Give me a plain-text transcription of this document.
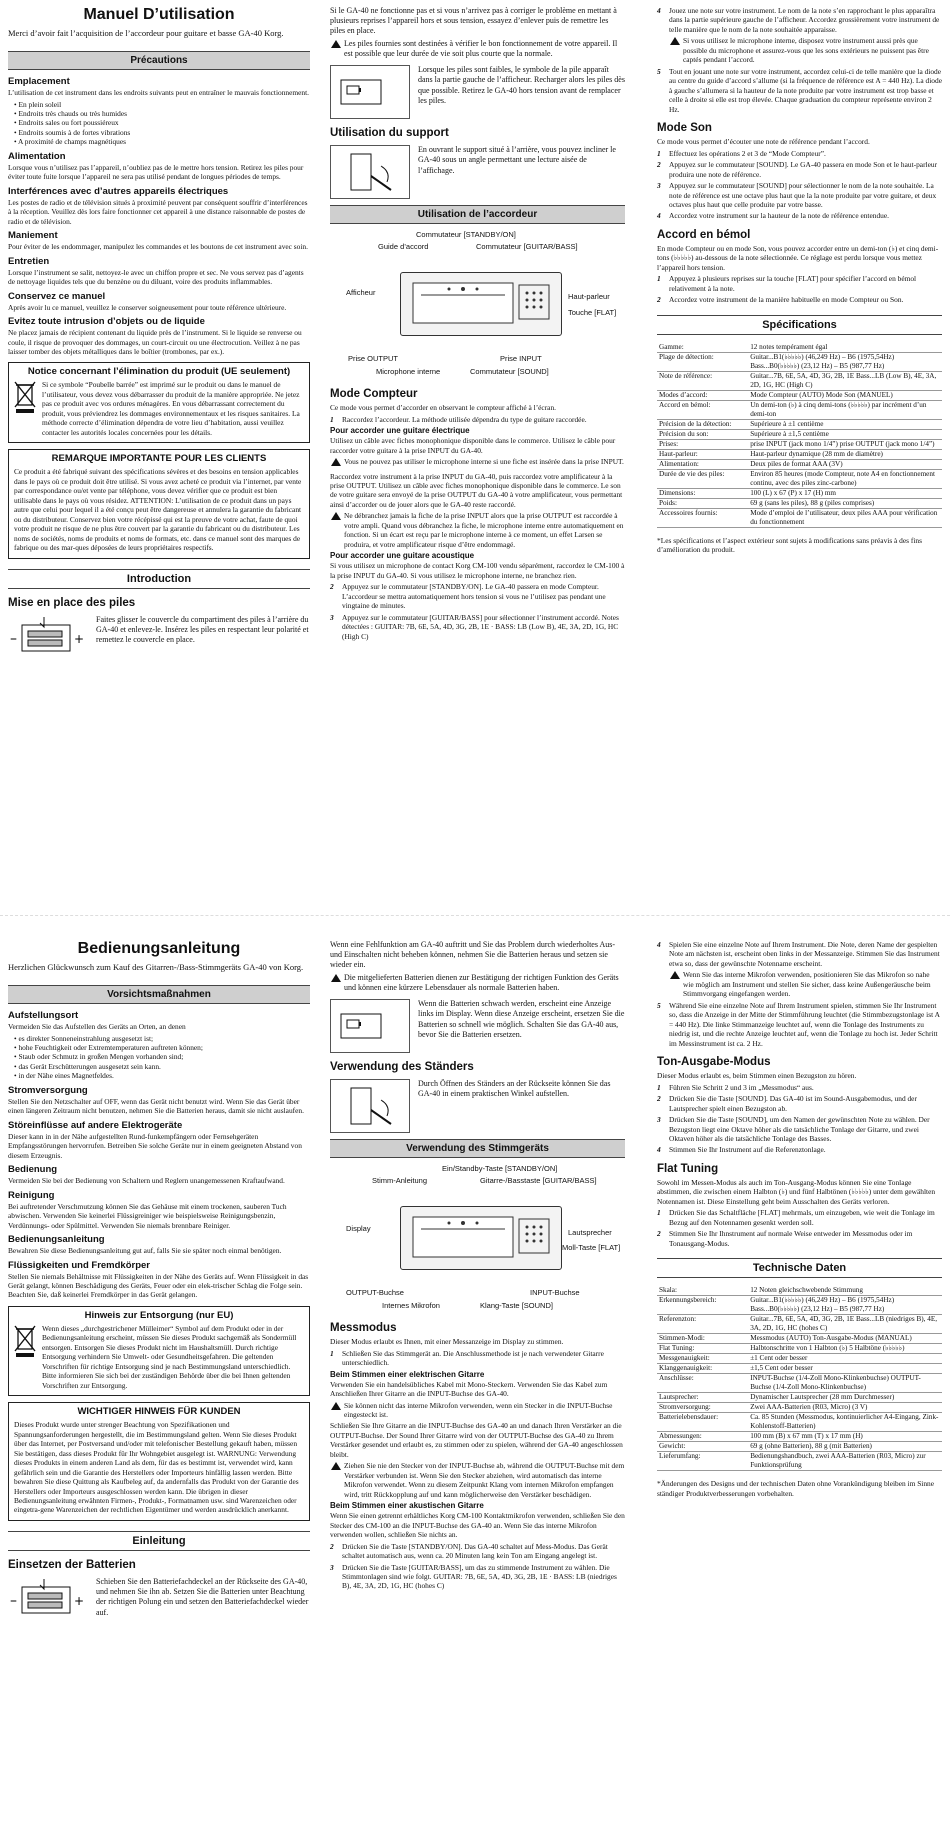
Manuel D’utilisation

Merci d’avoir fait l’acquisition de l’accordeur pour guitare et basse GA-40 Korg.

Précautions
Emplacement

L’utilisation de cet instrument dans les endroits suivants peut en entraîner le mauvais fonctionnement.

• En plein soleil
• Endroits très chauds ou très humides
• Endroits sales ou fort poussiéreux
• Endroits soumis à de fortes vibrations
• A proximité de champs magnétiques
Alimentation

Lorsque vous n’utilisez pas l’appareil, n’oubliez pas de le mettre hors tension. Retirez les piles pour éviter toute fuite lorsque l’appareil ne sera pas utilisé pendant de longues périodes de temps.

Interférences avec d’autres appareils électriques

Les postes de radio et de télévision situés à proximité peuvent par conséquent souffrir d’interférences à la réception. Veuillez dès lors faire fonctionner cet appareil à une distance raisonnable de postes de radio et de télévision.

Maniement

Pour éviter de les endommager, manipulez les commandes et les boutons de cet instrument avec soin.

Entretien

Lorsque l’instrument se salit, nettoyez-le avec un chiffon propre et sec. Ne vous servez pas d’agents de nettoyage liquides tels que du benzène ou du diluant, voire des produits inflammables.

Conservez ce manuel

Après avoir lu ce manuel, veuillez le conserver soigneusement pour toute référence ultérieure.

Evitez toute intrusion d’objets ou de liquide

Ne placez jamais de récipient contenant du liquide près de l’instrument. Si le liquide se renverse ou coule, il risque de provoquer des dommages, un court-circuit ou une électrocution. Veillez à ne pas laisser tomber des objets métalliques dans le boîtier (trombones, par ex.).

Notice concernant l’élimination du produit (UE seulement)

Si ce symbole “Poubelle barrée” est imprimé sur le produit ou dans le manuel de l’utilisateur, vous devez vous débarrasser du produit de la manière appropriée. Ne jetez pas ce produit avec vos ordures ménagères. En vous débarrassant correctement du produit, vous préviendrez les dommages environnementaux et les risques sanitaires. La méthode correcte d’élimination dépendra de votre lieu d’habitation, aussi veuillez contacter les autorités locales concernées pour les détails.

REMARQUE IMPORTANTE POUR LES CLIENTS

Ce produit a été fabriqué suivant des spécifications sévères et des besoins en tension applicables dans le pays où ce produit doit être utilisé. Si vous avez acheté ce produit via l’internet, par vente par correspondance ou/et vente par téléphone, vous devez vérifier que ce produit est bien utilisable dans le pays où vous résidez. ATTENTION: L’utilisation de ce produit dans un pays autre que celui pour lequel il a été conçu peut être dangereuse et annulera la garantie du fabricant ou du distributeur. Conservez bien votre récépissé qui est la preuve de votre achat, faute de quoi votre produit ne risque de ne plus être couvert par la garantie du fabricant ou du distributeur. Les noms de sociétés, noms de produits et noms de formats, etc. dans ce manuel sont des marques de fabrique ou des mar-ques déposées de leurs propriétaires respectifs.

Introduction
Mise en place des piles
–	+

Faites glisser le couvercle du compartiment des piles à l’arrière du GA-40 et enlevez-le. Insérez les piles en respectant leur polarité et remettez le couvercle en place.

Si le GA-40 ne fonctionne pas et si vous n’arrivez pas à corriger le problème en mettant à plusieurs reprises l’appareil hors et sous tension, essayez d’enlever puis de remettre les piles en place.

Les piles fournies sont destinées à vérifier le bon fonctionnement de votre appareil. Il est possible que leur durée de vie soit plus courte que la normale.

Lorsque les piles sont faibles, le symbole de la pile apparaît dans la partie gauche de l’afficheur. Recharger alors les piles dès que possible. Retirez le GA-40 hors tension avant de remplacer les piles.

Utilisation du support

En ouvrant le support situé à l’arrière, vous pouvez incliner le GA-40 sous un angle permettant une lecture aisée de l’affichage.

Utilisation de l’accordeur
Commutateur [STANDBY/ON]
Guide d’accord	Commutateur [GUITAR/BASS]
Afficheur	Haut-parleur
Touche [FLAT]
Prise OUTPUT	Prise INPUT
Microphone interne	Commutateur [SOUND]
Mode Compteur

Ce mode vous permet d’accorder en observant le compteur affiché à l’écran.

1	Raccordez l’accordeur. La méthode utilisée dépendra du type de guitare raccordée.
Pour accorder une guitare électrique

Utilisez un câble avec fiches monophonique disponible dans le commerce. Utilisez le câble pour raccorder votre guitare à la prise INPUT du GA-40.

Vous ne pouvez pas utiliser le microphone interne si une fiche est insérée dans la prise INPUT.

Raccordez votre instrument à la prise INPUT du GA-40, puis raccordez votre amplificateur à la prise OUTPUT. Utilisez un câble avec fiches monophonique disponible dans le commerce. Le son de votre guitare sera envoyé de la prise OUTPUT du GA-40 à votre amplificateur, vous permettant ainsi d’accorder ou de jouer alors que le GA-40 reste raccordé.

Ne débranchez jamais la fiche de la prise INPUT alors que la prise OUTPUT est raccordée à votre ampli. Quand vous débranchez la fiche, le microphone interne entre automatiquement en fonction. Si un écart est reçu par le microphone interne à ce moment, un effet Larsen se produira, et votre amplificateur risque d’être endommagé.
Pour accorder une guitare acoustique

Si vous utilisez un microphone de contact Korg CM-100 vendu séparément, raccordez le CM-100 à la prise INPUT du GA-40. Si vous utilisez le microphone interne, ne branchez rien.

2	Appuyez sur le commutateur [STANDBY/ON]. Le GA-40 passera en mode Compteur. L’accordeur se mettra automatiquement hors tension si vous ne l’utilisez pas pendant une vingtaine de minutes.
3	Appuyez sur le commutateur [GUITAR/BASS] pour sélectionner l’instrument accordé. Notes détectées : GUITAR: 7B, 6E, 5A, 4D, 3G, 2B, 1E · BASS: LB (Low B), 4E, 3A, 2D, 1G, HC (High C)
4	Jouez une note sur votre instrument. Le nom de la note s’en rapprochant le plus apparaîtra dans la partie supérieure gauche de l’afficheur. Accordez grossièrement votre instrument de telle manière que le nom de la note souhaitée apparaisse.
Si vous utilisez le microphone interne, disposez votre instrument aussi près que possible du microphone et assurez-vous que les sons extérieurs ne puissent pas être captés pendant l’accord.
5	Tout en jouant une note sur votre instrument, accordez celui-ci de telle manière que la diode au centre du guide d’accord s’allume (si la fréquence de référence est A = 440 Hz). La diode à gauche s’allumera si la hauteur de la note produite par votre instrument est trop basse et celle à droite si elle est trop élevée. Chaque graduation du compteur représente environ 2 Hz.
Mode Son

Ce mode vous permet d’écouter une note de référence pendant l’accord.

1	Effectuez les opérations 2 et 3 de “Mode Compteur”.
2	Appuyez sur le commutateur [SOUND]. Le GA-40 passera en mode Son et le haut-parleur produira une note de référence.
3	Appuyez sur le commutateur [SOUND] pour sélectionner le nom de la note souhaitée. La note de référence est une octave plus haut que la la note produite par votre guitare, et deux octaves plus haut que celle produite par votre basse.
4	Accordez votre instrument sur la hauteur de la note de référence entendue.
Accord en bémol

En mode Compteur ou en mode Son, vous pouvez accorder entre un demi-ton (♭) et cinq demi-tons (♭♭♭♭♭) au-dessous de la note sélectionnée. Ce réglage est perdu lorsque vous mettez l’appareil hors tension.

1	Appuyez à plusieurs reprises sur la touche [FLAT] pour spécifier l’accord en bémol relativement à la note.
2	Accordez votre instrument de la manière habituelle en mode Compteur ou Son.
Spécifications
Gamme:	12 notes tempérament égal
Plage de détection:	Guitar...B1(♭♭♭♭♭) (46,249 Hz) – B6 (1975,54Hz) Bass...B0(♭♭♭♭♭) (23,12 Hz) – B5 (987,77 Hz)
Note de référence:	Guitar...7B, 6E, 5A, 4D, 3G, 2B, 1E Bass...LB (Low B), 4E, 3A, 2D, 1G, HC (High C)
Modes d’accord:	Mode Compteur (AUTO) Mode Son (MANUEL)
Accord en bémol:	Un demi-ton (♭) à cinq demi-tons (♭♭♭♭♭) par incrément d’un demi-ton
Précision de la détection:	Supérieure à ±1 centième
Précision du son:	Supérieure à ±1,5 centième
Prises:	prise INPUT (jack mono 1/4”) prise OUTPUT (jack mono 1/4”)
Haut-parleur:	Haut-parleur dynamique (28 mm de diamètre)
Alimentation:	Deux piles de format AAA (3V)
Durée de vie des piles:	Environ 85 heures (mode Compteur, note A4 en fonctionnement continu, avec des piles zinc-carbone)
Dimensions:	100 (L) x 67 (P) x 17 (H) mm
Poids:	69 g (sans les piles), 88 g (piles comprises)
Accessoires fournis:	Mode d’emploi de l’utilisateur, deux piles AAA pour vérification du fonctionnement

*Les spécifications et l’aspect extérieur sont sujets à modifications sans préavis à des fins d’amélioration du produit.

Bedienungsanleitung

Herzlichen Glückwunsch zum Kauf des Gitarren-/Bass-Stimmgeräts GA-40 von Korg.

Vorsichtsmaßnahmen
Aufstellungsort

Vermeiden Sie das Aufstellen des Geräts an Orten, an denen

• es direkter Sonneneinstrahlung ausgesetzt ist;
• hohe Feuchtigkeit oder Extremtemperaturen auftreten können;
• Staub oder Schmutz in großen Mengen vorhanden sind;
• das Gerät Erschütterungen ausgesetzt sein kann.
• in der Nähe eines Magnetfeldes.
Stromversorgung

Stellen Sie den Netzschalter auf OFF, wenn das Gerät nicht benutzt wird. Wenn Sie das Gerät über einen längeren Zeitraum nicht benutzen, nehmen Sie die Batterien heraus, damit sie nicht auslaufen.

Störeinflüsse auf andere Elektrogeräte

Dieser kann in in der Nähe aufgestellten Rund-funkempfängern oder Fernsehgeräten Empfangsstörungen hervorrufen. Betreiben Sie solche Geräte nur in einem geeigneten Abstand von diesem Erzeugnis.

Bedienung

Vermeiden Sie bei der Bedienung von Schaltern und Reglern unangemessenen Kraftaufwand.

Reinigung

Bei auftretender Verschmutzung können Sie das Gehäuse mit einem trockenen, sauberen Tuch abwischen. Verwenden Sie keinerlei Flüssigreiniger wie beispielsweise Reinigungsbenzin, Verdünnungs- oder Spülmittel. Verwenden Sie niemals brennbare Reiniger.

Bedienungsanleitung

Bewahren Sie diese Bedienungsanleitung gut auf, falls Sie sie später noch einmal benötigen.

Flüssigkeiten und Fremdkörper

Stellen Sie niemals Behältnisse mit Flüssigkeiten in der Nähe des Geräts auf. Wenn Flüssigkeit in das Gerät gelangt, können Beschädigung des Geräts, Feuer oder ein elek-trischer Schlag die Folge sein. Beachten Sie, daß keinerlei Fremdkörper in das Gerät gelangen.

Hinweis zur Entsorgung (nur EU)

Wenn dieses „durchgestrichener Mülleimer“ Symbol auf dem Produkt oder in der Bedienungsanleitung erscheint, müssen Sie dieses Produkt sachgemäß als Sondermüll entsorgen. Entsorgen Sie dieses Produkt nicht im Haushaltsmüll. Durch richtige Entsorgung verhindern Sie Umwelt- oder Gesundheitsgefahren. Die geltenden Vorschriften für richtige Entsorgung sind je nach Bestimmungsland unterschiedlich. Bitte informieren Sie sich bei der zuständigen Behörde über die bei Ihnen geltenden Vorschriften zur Entsorgung.

WICHTIGER HINWEIS FÜR KUNDEN

Dieses Produkt wurde unter strenger Beachtung von Spezifikationen und Spannungsanforderungen hergestellt, die im Bestimmungsland gelten. Wenn Sie dieses Produkt über das Internet, per Postversand und/oder mit telefonischer Bestellung gekauft haben, müssen Sie bestätigen, dass dieses Produkt für Ihr Wohngebiet ausgelegt ist. WARNUNG: Verwendung dieses Produkts in einem anderen Land als dem, für das es bestimmt ist, verwendet wird, kann gefährlich sein und die Garantie des Herstellers oder Importeurs hinfällig lassen werden. Bitte bewahren Sie diese Quittung als Kaufbeleg auf, da andernfalls das Produkt von der Garantie des Herstellers oder Importeurs ausgeschlossen werden kann. Die übrigen in dieser Bedienungsanleitung erwähnten Firmen-, Produkt-, Formatnamen usw. sind Warenzeichen oder eingetra-gene Warenzeichen der rechtlichen Eigentümer und werden ausdrücklich anerkannt.

Einleitung
Einsetzen der Batterien
–	+

Schieben Sie den Batteriefachdeckel an der Rückseite des GA-40, und nehmen Sie ihn ab. Setzen Sie die Batterien unter Beachtung der richtigen Polung ein und setzen den Batteriefachdeckel wieder auf.

Wenn eine Fehlfunktion am GA-40 auftritt und Sie das Problem durch wiederholtes Aus- und Einschalten nicht beheben können, nehmen Sie die Batterien heraus und setzen sie wieder ein.

Die mitgelieferten Batterien dienen zur Bestätigung der richtigen Funktion des Geräts und können eine kürzere Lebensdauer als normale Batterien haben.

Wenn die Batterien schwach werden, erscheint eine Anzeige links im Display. Wenn diese Anzeige erscheint, ersetzen Sie die Batterien so schnell wie möglich. Schalten Sie das GA-40 aus, bevor Sie die Batterien ersetzen.

Verwendung des Ständers

Durch Öffnen des Ständers an der Rückseite können Sie das GA-40 in einem praktischen Winkel aufstellen.

Verwendung des Stimmgeräts
Ein/Standby-Taste [STANDBY/ON]
Stimm-Anleitung	Gitarre-/Basstaste [GUITAR/BASS]
Display	Lautsprecher
Moll-Taste [FLAT]
OUTPUT-Buchse	INPUT-Buchse
Internes Mikrofon	Klang-Taste [SOUND]
Messmodus

Dieser Modus erlaubt es Ihnen, mit einer Messanzeige im Display zu stimmen.

1	Schließen Sie das Stimmgerät an. Die Anschlussmethode ist je nach verwendeter Gitarre unterschiedlich.
Beim Stimmen einer elektrischen Gitarre

Verwenden Sie ein handelsübliches Kabel mit Mono-Steckern. Verwenden Sie das Kabel zum Anschließen Ihrer Gitarre an die INPUT-Buchse des GA-40.

Sie können nicht das interne Mikrofon verwenden, wenn ein Stecker in die INPUT-Buchse eingesteckt ist.

Schließen Sie Ihre Gitarre an die INPUT-Buchse des GA-40 an und danach Ihren Verstärker an die OUTPUT-Buchse. Der Sound Ihrer Gitarre wird von der OUTPUT-Buchse des GA-40 zu Ihrem Verstärker gesendet und erlaubt es, zu stimmen oder zu spielen, während der GA-40 angeschlossen bleibt.

Ziehen Sie nie den Stecker von der INPUT-Buchse ab, während die OUTPUT-Buchse mit dem Verstärker verbunden ist. Wenn Sie den Stecker abziehen, wird automatisch das interne Mikrofon verwendet. Wenn zu diesem Zeitpunkt Klang vom internen Mikrofon empfangen wird, tritt Rückkopplung auf und kann möglicherweise den Verstärker beschädigen.
Beim Stimmen einer akustischen Gitarre

Wenn Sie einen getrennt erhältliches Korg CM-100 Kontaktmikrofon verwenden, schließen Sie den Stecker des CM-100 an die INPUT-Buchse des GA-40 an. Wenn Sie das interne Mikrofon verwenden wollen, schließen Sie nichts an.

2	Drücken Sie die Taste [STANDBY/ON]. Das GA-40 schaltet auf Mess-Modus. Das Gerät schaltet automatisch aus, wenn ca. 20 Minuten lang kein Ton am Eingang angelegt ist.
3	Drücken Sie die Taste [GUITAR/BASS], um das zu stimmende Instrument zu wählen. Die Stimmtonlagen sind wie folgt. GUITAR: 7B, 6E, 5A, 4D, 3G, 2B, 1E · BASS: LB (niedriges B), 4E, 3A, 2D, 1G, HC (hohes C)
4	Spielen Sie eine einzelne Note auf Ihrem Instrument. Die Note, deren Name der gespielten Note am nächsten ist, erscheint oben links in der Messanzeige. Stimmen Sie das Instrument etwa so, dass der gewünschte Notenname erscheint.
Wenn Sie das interne Mikrofon verwenden, positionieren Sie das Mikrofon so nahe wie möglich am Instrument und stellen Sie sicher, dass keine Außengeräusche beim Stimmvorgang eingefangen werden.
5	Während Sie eine einzelne Note auf Ihrem Instrument spielen, stimmen Sie Ihr Instrument so, dass die Anzeige in der Mitte der Stimmführung leuchtet (die Stimmbezugstonlage ist A = 440 Hz). Die linke Stimmanzeige leuchtet auf, wenn die Tonlage des Instruments zu niedrig ist, und die rechte Anzeige leuchtet auf, wenn die Tonlage zu hoch ist. Jeder Schritt im Messinstrument ist ca. 2 Hz.
Ton-Ausgabe-Modus

Dieser Modus erlaubt es, beim Stimmen einen Bezugston zu hören.

1	Führen Sie Schritt 2 und 3 im „Messmodus“ aus.
2	Drücken Sie die Taste [SOUND]. Das GA-40 ist im Sound-Ausgabemodus, und der Lautsprecher spielt einen Bezugston ab.
3	Drücken Sie die Taste [SOUND], um den Namen der gewünschten Note zu wählen. Der Bezugston liegt eine Oktave höher als die tatsächliche Tonlage der Gitarre, und zwei Oktaven höher als die tatsächliche Tonlage des Basses.
4	Stimmen Sie Ihr Instrument auf die Referenztonlage.
Flat Tuning

Sowohl im Messen-Modus als auch im Ton-Ausgang-Modus können Sie eine Tonlage abstimmen, die zwischen einem Halbton (♭) und fünf Halbtönen (♭♭♭♭♭) unter dem gewählten Notennamen ist. Diese Einstellung geht beim Ausschalten des Geräts verloren.

1	Drücken Sie das Schaltfläche [FLAT] mehrmals, um einzugeben, wie weit die Tonlage im Bezug auf den Notennamen gesenkt werden soll.
2	Stimmen Sie Ihr Ihnstrument auf normale Weise entweder im Messmodus oder im Tonausgang-Modus.
Technische Daten
Skala:	12 Noten gleichschwebende Stimmung
Erkennungsbereich:	Guitar...B1(♭♭♭♭♭) (46,249 Hz) – B6 (1975,54Hz) Bass...B0(♭♭♭♭♭) (23,12 Hz) – B5 (987,77 Hz)
Referenzton:	Guitar...7B, 6E, 5A, 4D, 3G, 2B, 1E Bass...LB (niedriges B), 4E, 3A, 2D, 1G, HC (hohes C)
Stimmen-Modi:	Messmodus (AUTO) Ton-Ausgabe-Modus (MANUAL)
Flat Tuning:	Halbtonschritte von 1 Halbton (♭) 5 Halbtöne (♭♭♭♭♭)
Messgenauigkeit:	±1 Cent oder besser
Klanggenauigkeit:	±1,5 Cent oder besser
Anschlüsse:	INPUT-Buchse (1/4-Zoll Mono-Klinkenbuchse) OUTPUT-Buchse (1/4-Zoll Mono-Klinkenbuchse)
Lautsprecher:	Dynamischer Lautsprecher (28 mm Durchmesser)
Stromversorgung:	Zwei AAA-Batterien (R03, Micro) (3 V)
Batterielebensdauer:	Ca. 85 Stunden (Messmodus, kontinuierlicher A4-Eingang, Zink-Kohlenstoff-Batterien)
Abmessungen:	100 mm (B) x 67 mm (T) x 17 mm (H)
Gewicht:	69 g (ohne Batterien), 88 g (mit Batterien)
Lieferumfang:	Bedienungshandbuch, zwei AAA-Batterien (R03, Micro) zur Funktionsprüfung

*Änderungen des Designs und der technischen Daten ohne Vorankündigung bleiben im Sinne ständiger Produktverbesserungen vorbehalten.
